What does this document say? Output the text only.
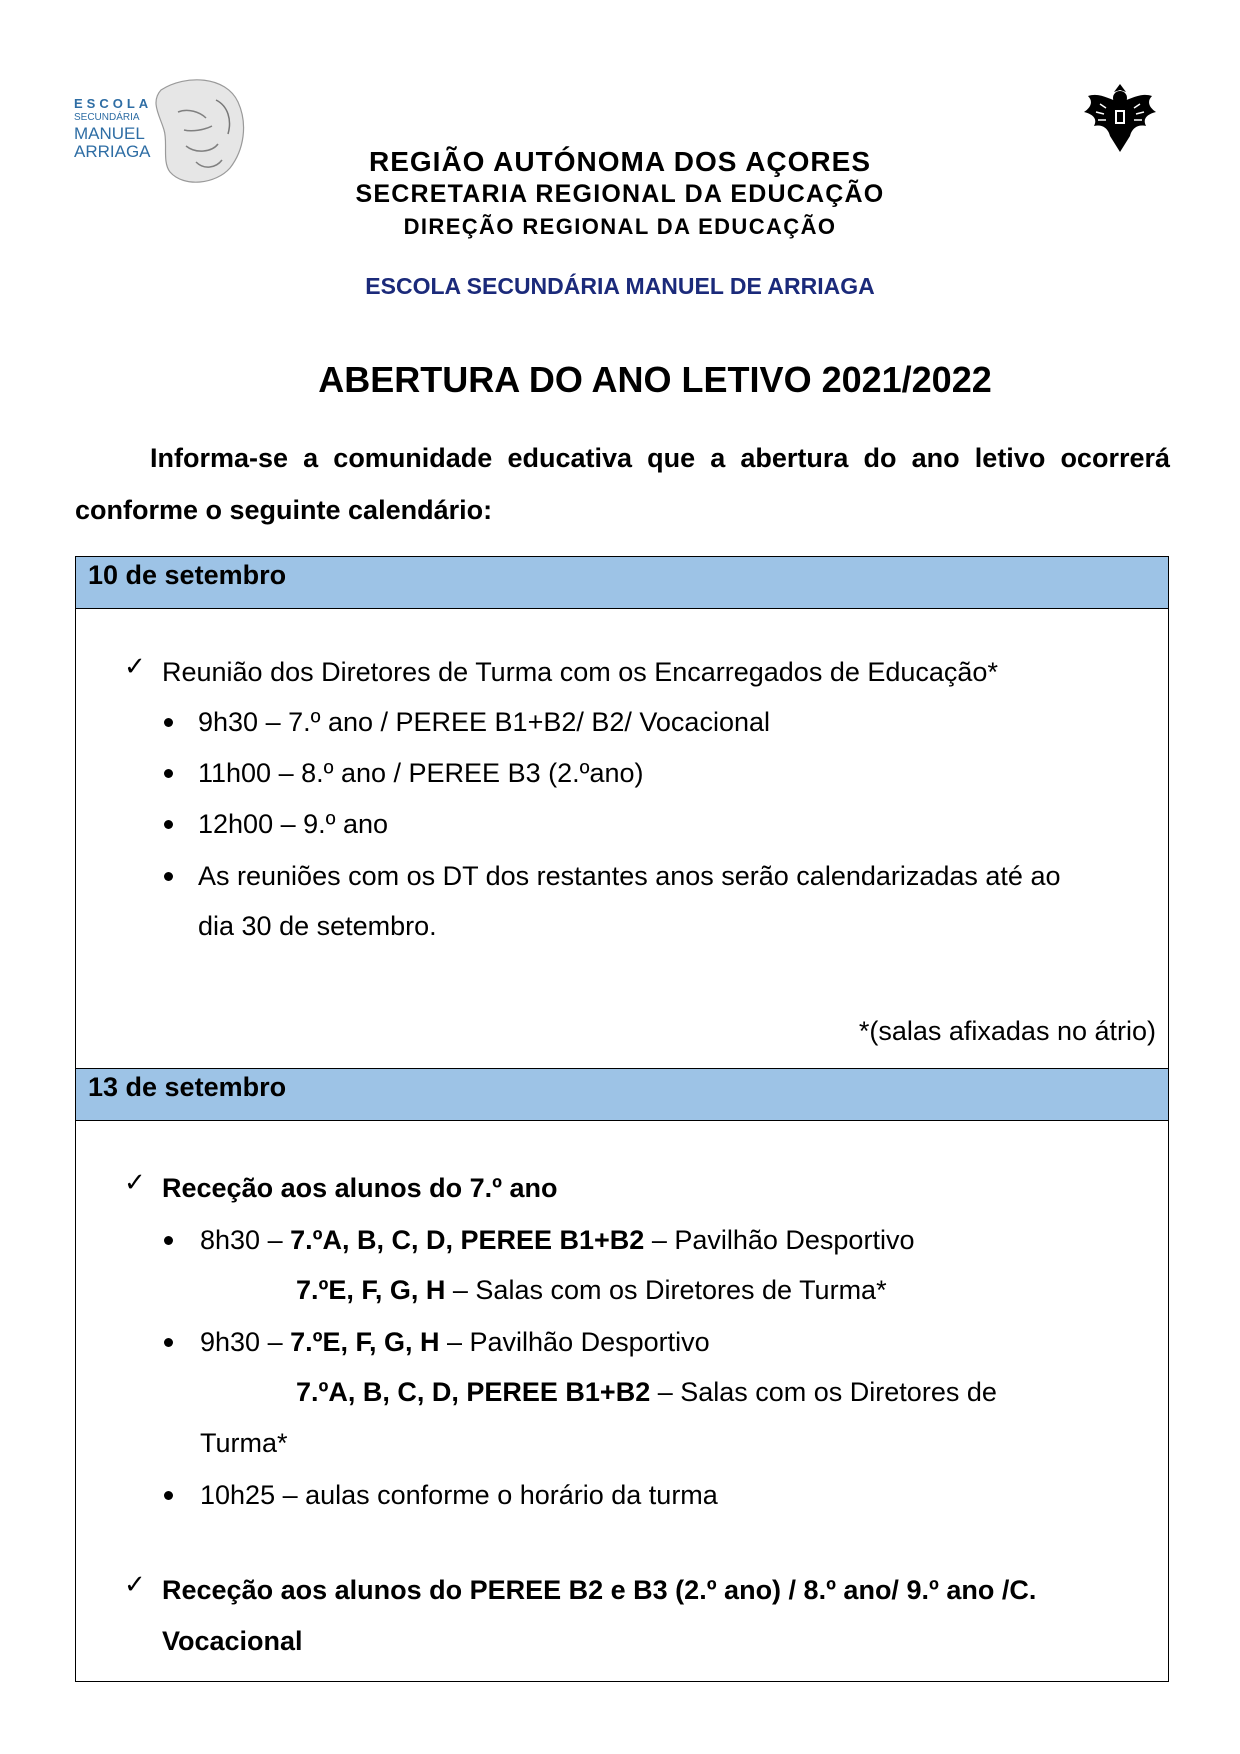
ESCOLA
SECUNDÁRIA
MANUEL
ARRIAGA	REGIÃO AUTÓNOMA DOS AÇORES
SECRETARIA REGIONAL DA EDUCAÇÃO
DIREÇÃO REGIONAL DA EDUCAÇÃO
ESCOLA SECUNDÁRIA MANUEL DE ARRIAGA
ABERTURA DO ANO LETIVO 2021/2022
Informa-se a comunidade educativa que a abertura do ano letivo ocorrerá conforme o seguinte calendário:
10 de setembro
✓ Reunião dos Diretores de Turma com os Encarregados de Educação*
9h30 – 7.º ano / PEREE B1+B2/ B2/ Vocacional
11h00 – 8.º ano / PEREE B3 (2.ºano)
12h00 – 9.º ano
As reuniões com os DT dos restantes anos serão calendarizadas até ao
dia 30 de setembro.
*(salas afixadas no átrio)
13 de setembro
✓ Receção aos alunos do 7.º ano
8h30 – 7.ºA, B, C, D, PEREE B1+B2 – Pavilhão Desportivo
7.ºE, F, G, H – Salas com os Diretores de Turma*
9h30 – 7.ºE, F, G, H – Pavilhão Desportivo
7.ºA, B, C, D, PEREE B1+B2 – Salas com os Diretores de
Turma*
10h25 – aulas conforme o horário da turma
✓ Receção aos alunos do PEREE B2 e B3 (2.º ano) / 8.º ano/ 9.º ano /C.
Vocacional
